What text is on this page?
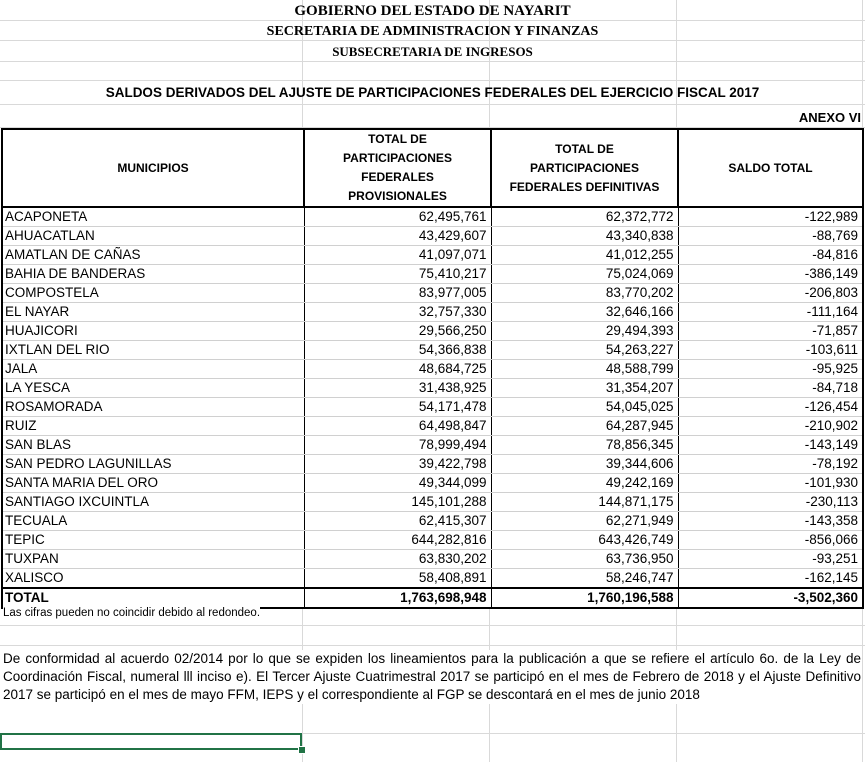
GOBIERNO DEL ESTADO DE NAYARIT
SECRETARIA DE ADMINISTRACION Y FINANZAS
SUBSECRETARIA DE INGRESOS
SALDOS DERIVADOS DEL AJUSTE DE PARTICIPACIONES FEDERALES DEL EJERCICIO FISCAL 2017
ANEXO VI
MUNICIPIOS	TOTAL DE PARTICIPACIONES FEDERALES PROVISIONALES	TOTAL DE PARTICIPACIONES FEDERALES DEFINITIVAS	SALDO TOTAL
ACAPONETA	62,495,761	62,372,772	-122,989
AHUACATLAN	43,429,607	43,340,838	-88,769
AMATLAN DE CAÑAS	41,097,071	41,012,255	-84,816
BAHIA DE BANDERAS	75,410,217	75,024,069	-386,149
COMPOSTELA	83,977,005	83,770,202	-206,803
EL NAYAR	32,757,330	32,646,166	-111,164
HUAJICORI	29,566,250	29,494,393	-71,857
IXTLAN DEL RIO	54,366,838	54,263,227	-103,611
JALA	48,684,725	48,588,799	-95,925
LA YESCA	31,438,925	31,354,207	-84,718
ROSAMORADA	54,171,478	54,045,025	-126,454
RUIZ	64,498,847	64,287,945	-210,902
SAN BLAS	78,999,494	78,856,345	-143,149
SAN PEDRO LAGUNILLAS	39,422,798	39,344,606	-78,192
SANTA MARIA DEL ORO	49,344,099	49,242,169	-101,930
SANTIAGO IXCUINTLA	145,101,288	144,871,175	-230,113
TECUALA	62,415,307	62,271,949	-143,358
TEPIC	644,282,816	643,426,749	-856,066
TUXPAN	63,830,202	63,736,950	-93,251
XALISCO	58,408,891	58,246,747	-162,145
TOTAL	1,763,698,948	1,760,196,588	-3,502,360
Las cifras pueden no coincidir debido al redondeo.
De conformidad al acuerdo 02/2014 por lo que se expiden los lineamientos para la publicación a que se refiere el artículo 6o. de la Ley de Coordinación Fiscal, numeral lll inciso e). El Tercer Ajuste Cuatrimestral 2017 se participó en el mes de Febrero de 2018 y el Ajuste Definitivo 2017 se participó en el mes de mayo FFM, IEPS y el correspondiente al FGP se descontará en el mes de junio 2018
